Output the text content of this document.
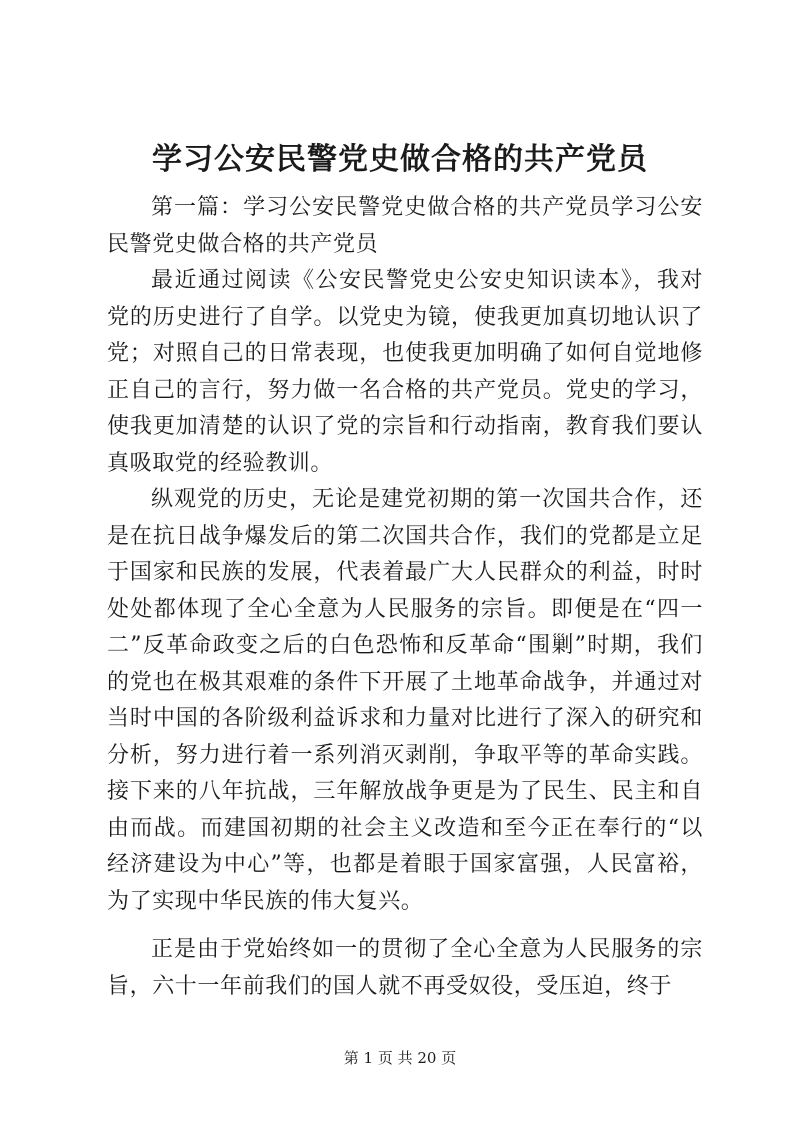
学习公安民警党史做合格的共产党员

第一篇：学习公安民警党史做合格的共产党员学习公安民警党史做合格的共产党员

最近通过阅读《公安民警党史公安史知识读本》，我对党的历史进行了自学。以党史为镜，使我更加真切地认识了党；对照自己的日常表现，也使我更加明确了如何自觉地修正自己的言行，努力做一名合格的共产党员。党史的学习，使我更加清楚的认识了党的宗旨和行动指南，教育我们要认真吸取党的经验教训。

纵观党的历史，无论是建党初期的第一次国共合作，还是在抗日战争爆发后的第二次国共合作，我们的党都是立足于国家和民族的发展，代表着最广大人民群众的利益，时时处处都体现了全心全意为人民服务的宗旨。即便是在“四一二”反革命政变之后的白色恐怖和反革命“围剿”时期，我们的党也在极其艰难的条件下开展了土地革命战争，并通过对当时中国的各阶级利益诉求和力量对比进行了深入的研究和分析，努力进行着一系列消灭剥削，争取平等的革命实践。接下来的八年抗战，三年解放战争更是为了民生、民主和自由而战。而建国初期的社会主义改造和至今正在奉行的“以经济建设为中心”等，也都是着眼于国家富强，人民富裕，为了实现中华民族的伟大复兴。

正是由于党始终如一的贯彻了全心全意为人民服务的宗旨，六十一年前我们的国人就不再受奴役，受压迫，终于

第 1 页 共 20 页
